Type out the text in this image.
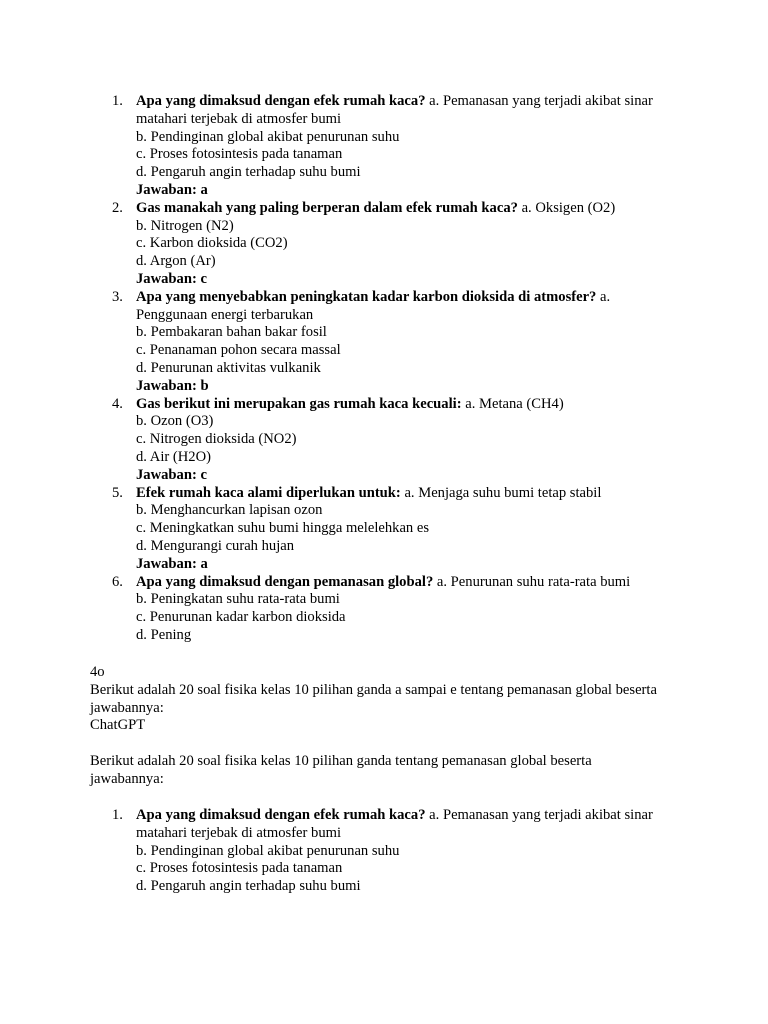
1. Apa yang dimaksud dengan efek rumah kaca? a. Pemanasan yang terjadi akibat sinar
matahari terjebak di atmosfer bumi
b. Pendinginan global akibat penurunan suhu
c. Proses fotosintesis pada tanaman
d. Pengaruh angin terhadap suhu bumi
Jawaban: a
2. Gas manakah yang paling berperan dalam efek rumah kaca? a. Oksigen (O2)
b. Nitrogen (N2)
c. Karbon dioksida (CO2)
d. Argon (Ar)
Jawaban: c
3. Apa yang menyebabkan peningkatan kadar karbon dioksida di atmosfer? a.
Penggunaan energi terbarukan
b. Pembakaran bahan bakar fosil
c. Penanaman pohon secara massal
d. Penurunan aktivitas vulkanik
Jawaban: b
4. Gas berikut ini merupakan gas rumah kaca kecuali: a. Metana (CH4)
b. Ozon (O3)
c. Nitrogen dioksida (NO2)
d. Air (H2O)
Jawaban: c
5. Efek rumah kaca alami diperlukan untuk: a. Menjaga suhu bumi tetap stabil
b. Menghancurkan lapisan ozon
c. Meningkatkan suhu bumi hingga melelehkan es
d. Mengurangi curah hujan
Jawaban: a
6. Apa yang dimaksud dengan pemanasan global? a. Penurunan suhu rata-rata bumi
b. Peningkatan suhu rata-rata bumi
c. Penurunan kadar karbon dioksida
d. Pening
4o
Berikut adalah 20 soal fisika kelas 10 pilihan ganda a sampai e tentang pemanasan global beserta
jawabannya:
ChatGPT
Berikut adalah 20 soal fisika kelas 10 pilihan ganda tentang pemanasan global beserta
jawabannya:
1. Apa yang dimaksud dengan efek rumah kaca? a. Pemanasan yang terjadi akibat sinar
matahari terjebak di atmosfer bumi
b. Pendinginan global akibat penurunan suhu
c. Proses fotosintesis pada tanaman
d. Pengaruh angin terhadap suhu bumi
